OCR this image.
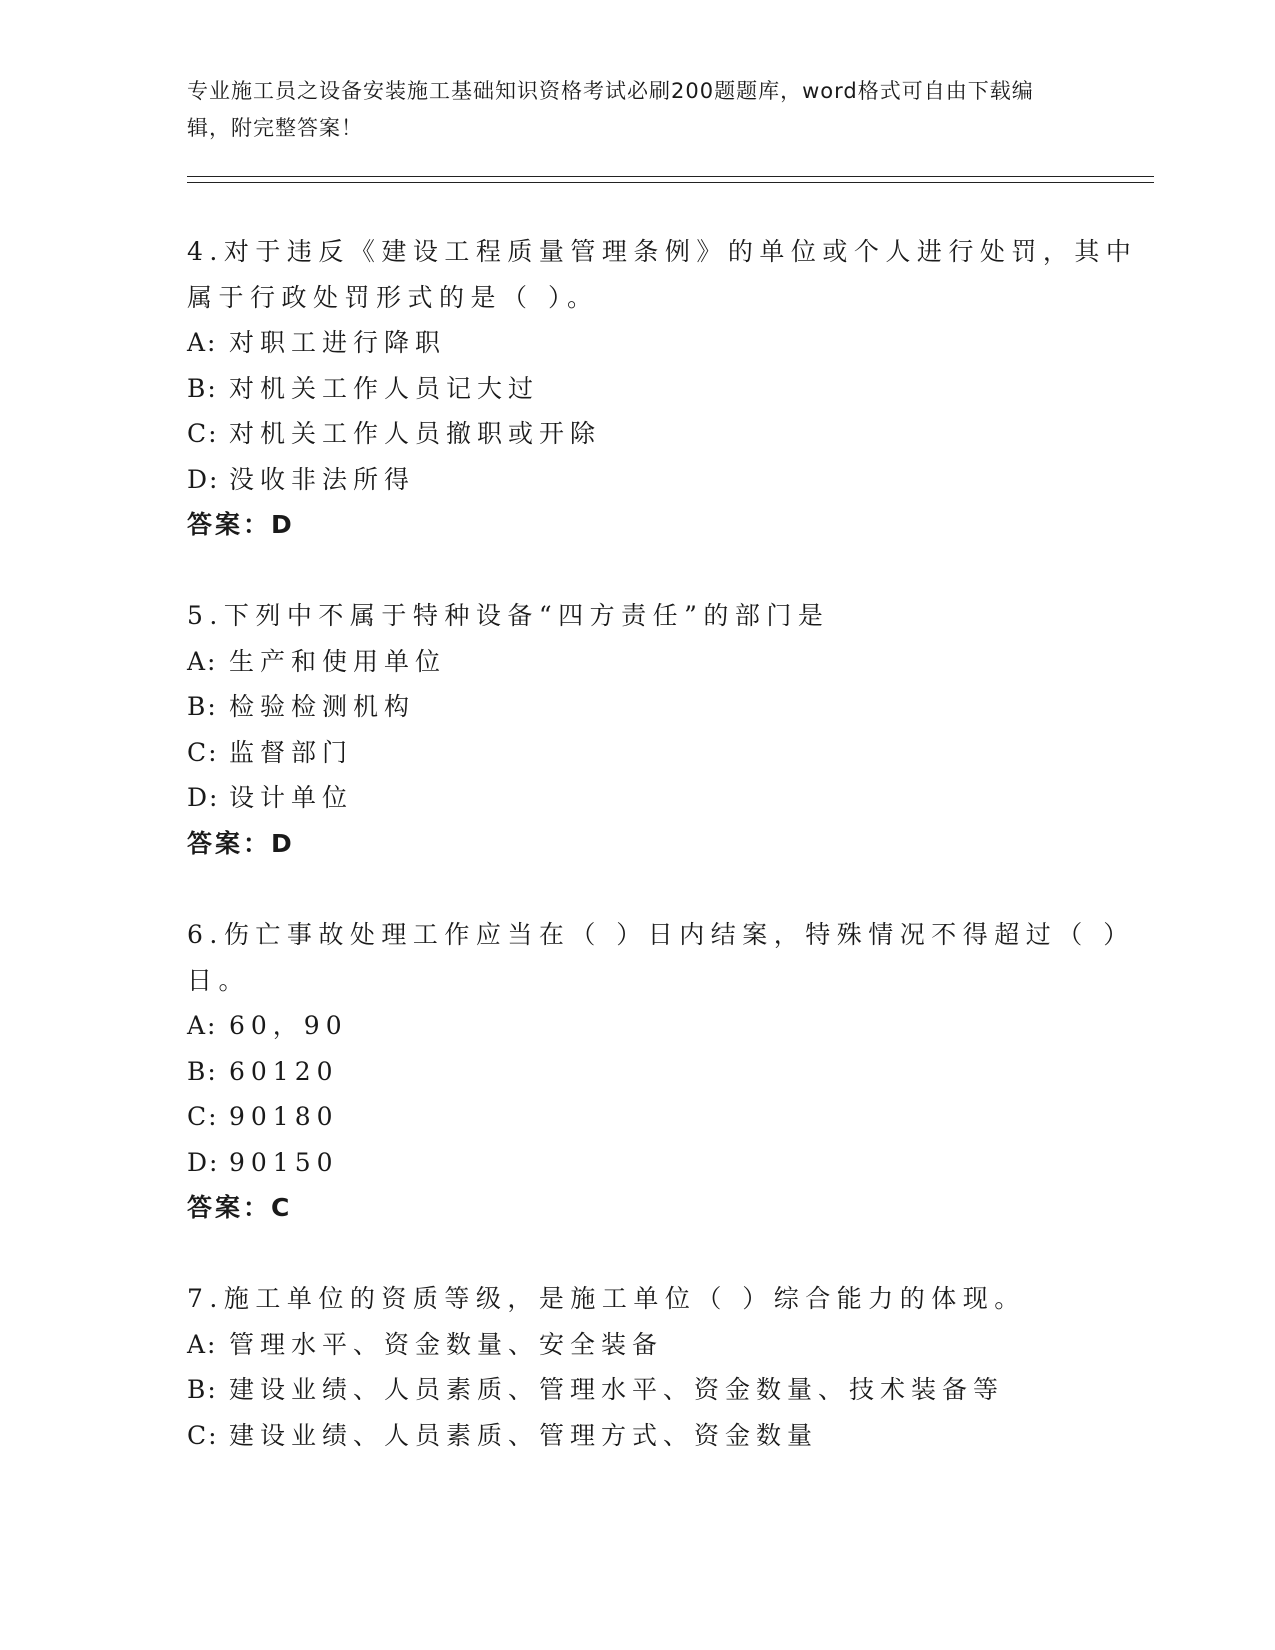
专业施工员之设备安装施工基础知识资格考试必刷200题题库，word格式可自由下载编辑，附完整答案！
4.对于违反《建设工程质量管理条例》的单位或个人进行处罚，其中
属于行政处罚形式的是（ ）。
A: 对职工进行降职
B: 对机关工作人员记大过
C: 对机关工作人员撤职或开除
D: 没收非法所得
答案：D
5.下列中不属于特种设备“四方责任”的部门是
A: 生产和使用单位
B: 检验检测机构
C: 监督部门
D: 设计单位
答案：D
6.伤亡事故处理工作应当在（ ）日内结案，特殊情况不得超过（ ）
日。
A: 60，90
B: 60120
C: 90180
D: 90150
答案：C
7.施工单位的资质等级，是施工单位（ ）综合能力的体现。
A: 管理水平、资金数量、安全装备
B: 建设业绩、人员素质、管理水平、资金数量、技术装备等
C: 建设业绩、人员素质、管理方式、资金数量
